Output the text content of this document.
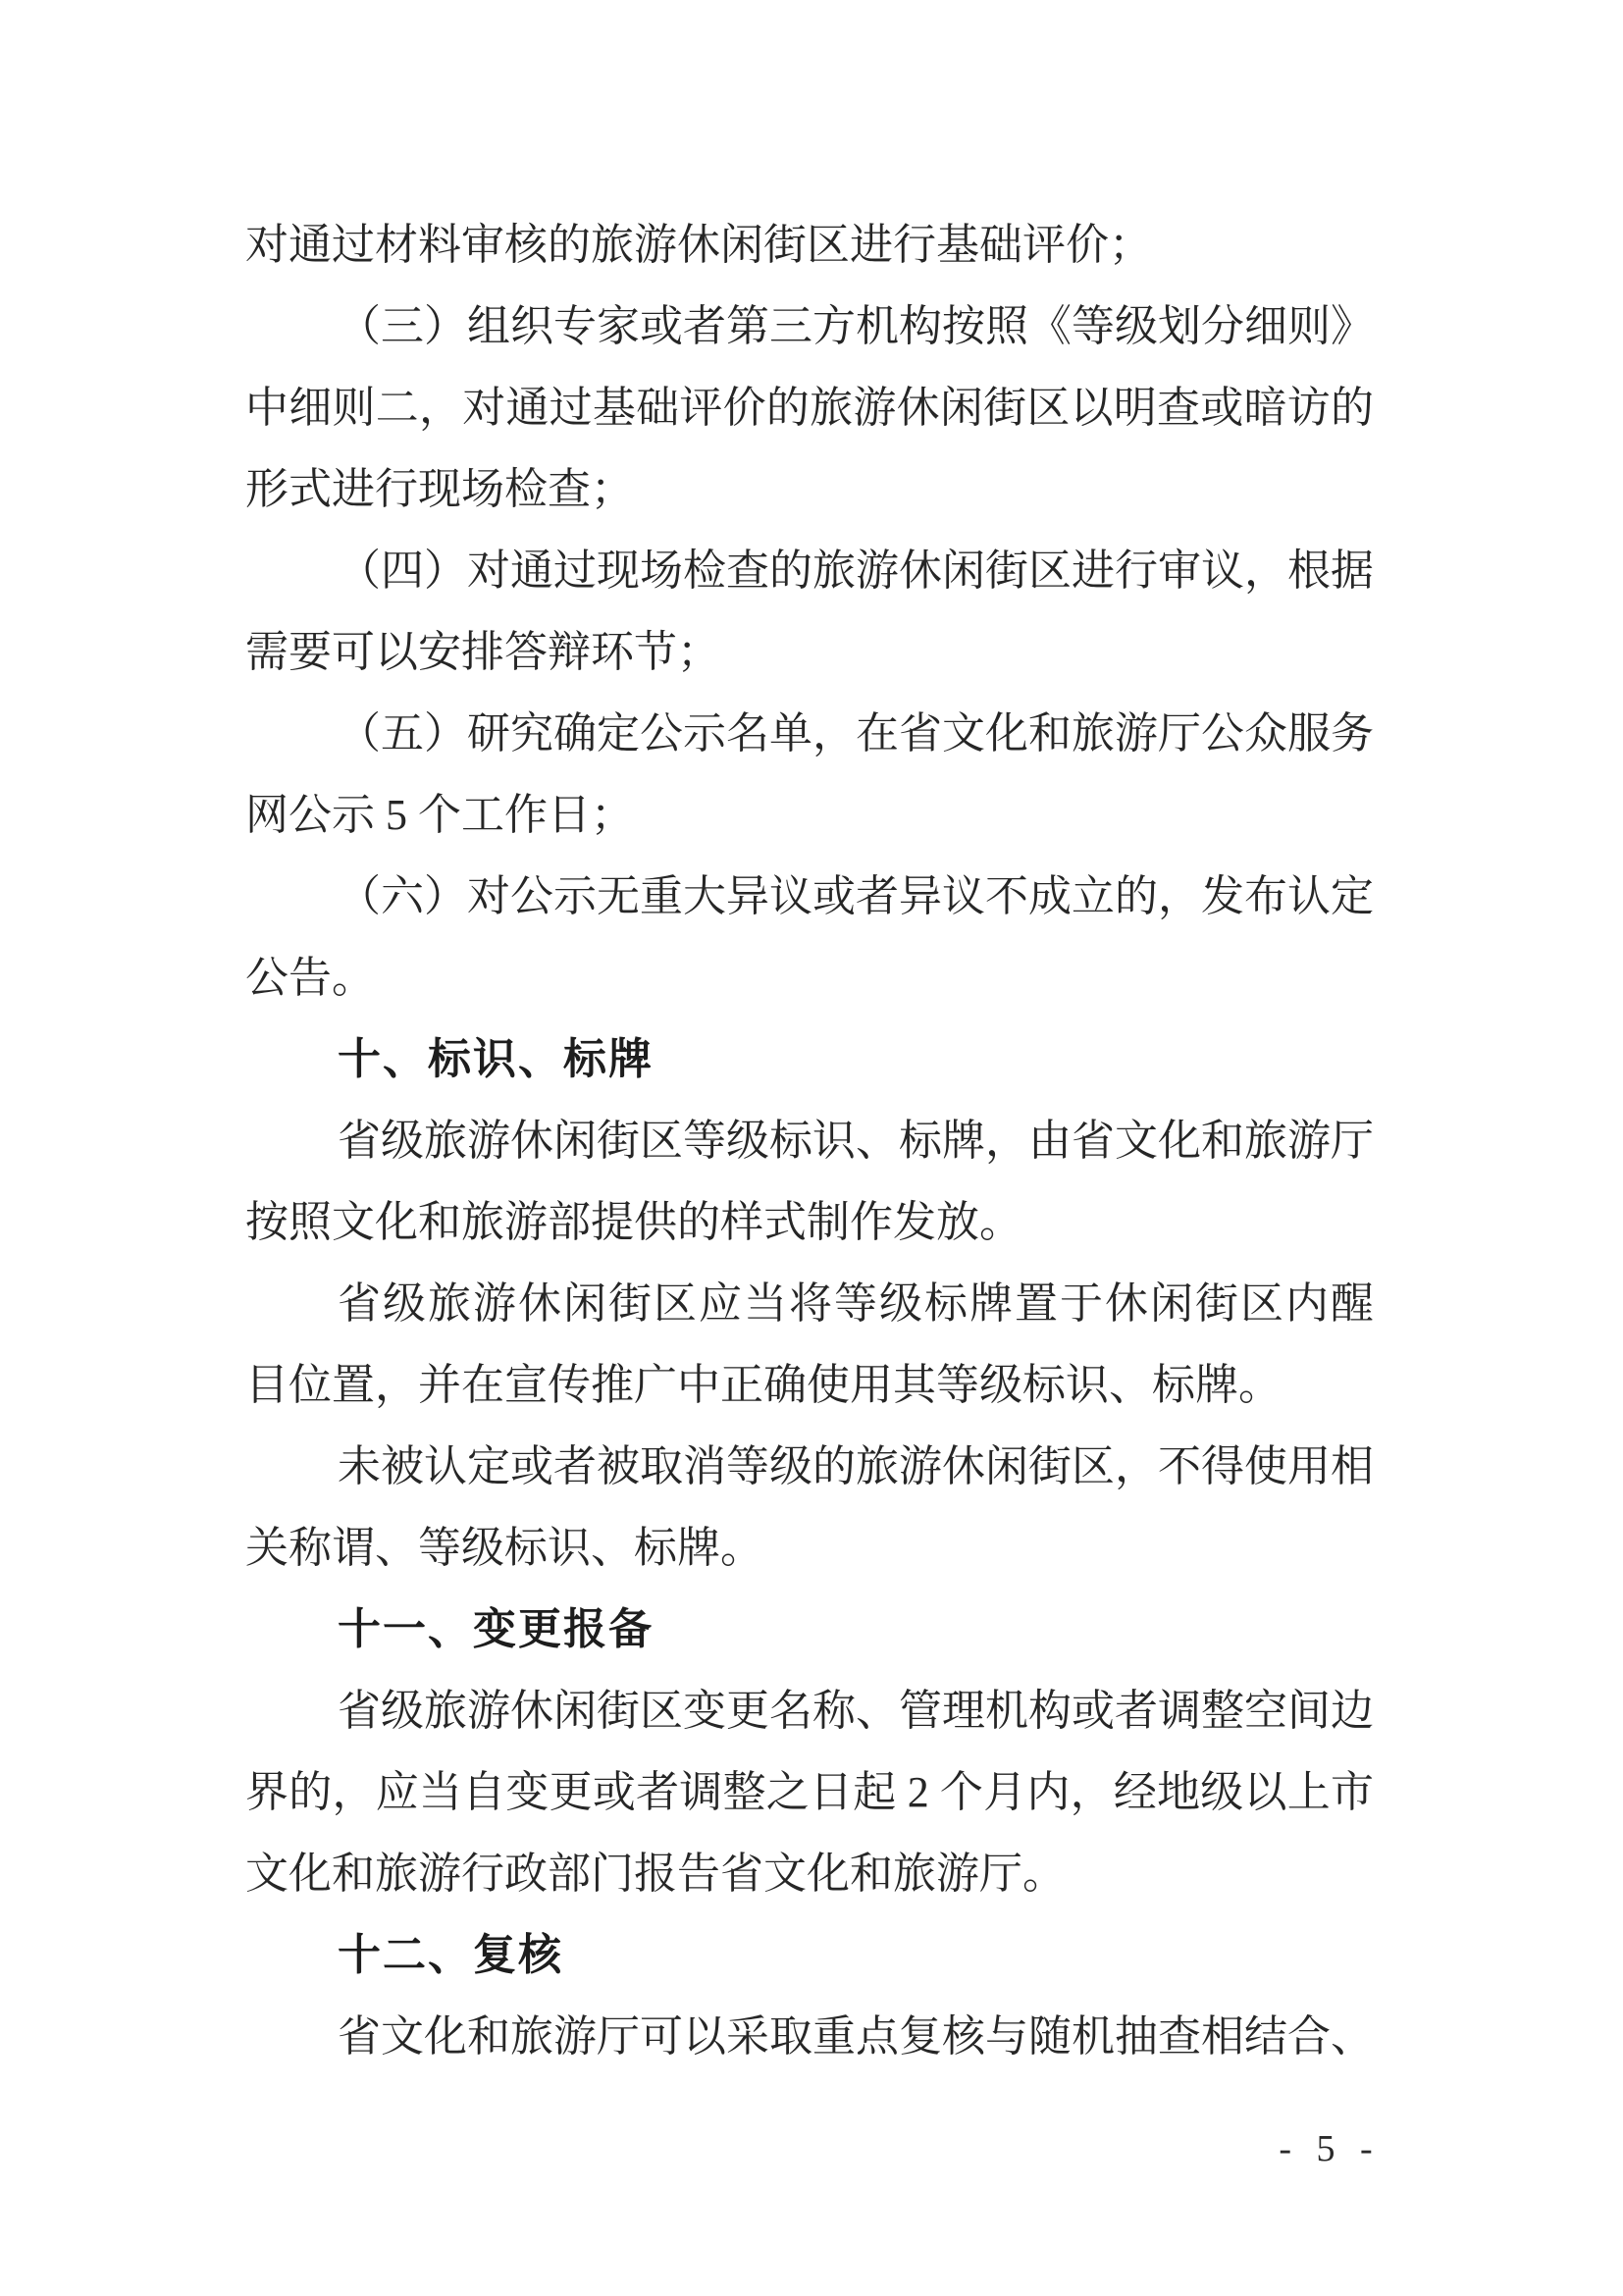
对通过材料审核的旅游休闲街区进行基础评价；
（三）组织专家或者第三方机构按照《等级划分细则》
中细则二，对通过基础评价的旅游休闲街区以明查或暗访的
形式进行现场检查；
（四）对通过现场检查的旅游休闲街区进行审议，根据
需要可以安排答辩环节；
（五）研究确定公示名单，在省文化和旅游厅公众服务
网公示 5 个工作日；
（六）对公示无重大异议或者异议不成立的，发布认定
公告。
十、标识、标牌
省级旅游休闲街区等级标识、标牌，由省文化和旅游厅
按照文化和旅游部提供的样式制作发放。
省级旅游休闲街区应当将等级标牌置于休闲街区内醒
目位置，并在宣传推广中正确使用其等级标识、标牌。
未被认定或者被取消等级的旅游休闲街区，不得使用相
关称谓、等级标识、标牌。
十一、变更报备
省级旅游休闲街区变更名称、管理机构或者调整空间边
界的，应当自变更或者调整之日起 2 个月内，经地级以上市
文化和旅游行政部门报告省文化和旅游厅。
十二、复核
省文化和旅游厅可以采取重点复核与随机抽查相结合、
- 5 -
